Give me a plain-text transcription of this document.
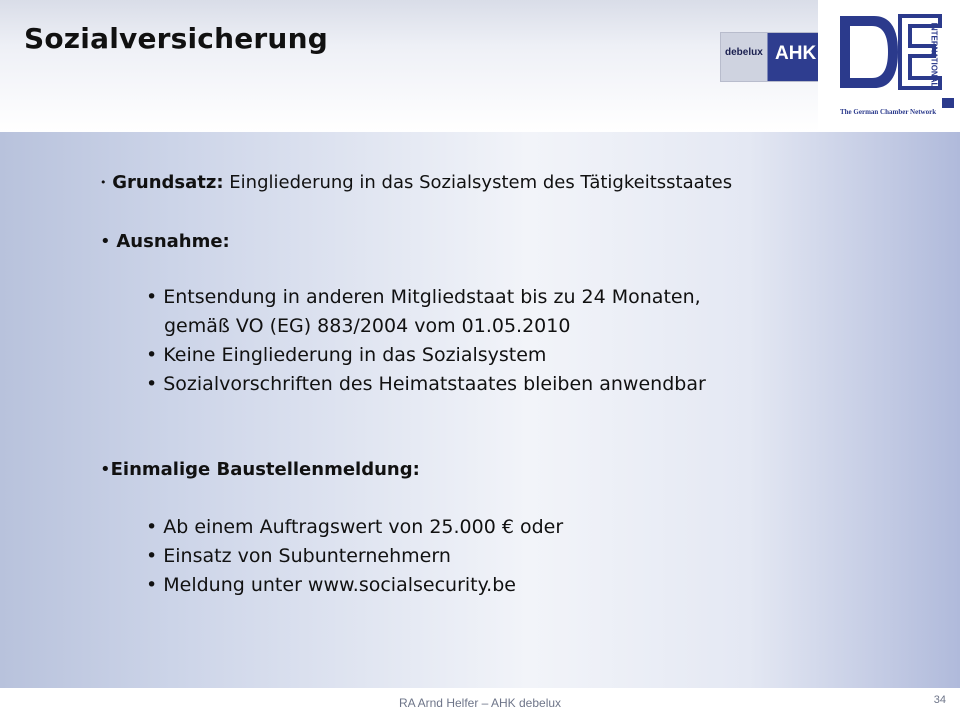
Sozialversicherung	debelux AHK	INTERNATIONAL
The German Chamber Network
• Grundsatz: Eingliederung in das Sozialsystem des Tätigkeitsstaates
• Ausnahme:
• Entsendung in anderen Mitgliedstaat bis zu 24 Monaten,
gemäß VO (EG) 883/2004 vom 01.05.2010
• Keine Eingliederung in das Sozialsystem
• Sozialvorschriften des Heimatstaates bleiben anwendbar
•Einmalige Baustellenmeldung:
• Ab einem Auftragswert von 25.000 € oder
• Einsatz von Subunternehmern
• Meldung unter www.socialsecurity.be
RA Arnd Helfer – AHK debelux	34
